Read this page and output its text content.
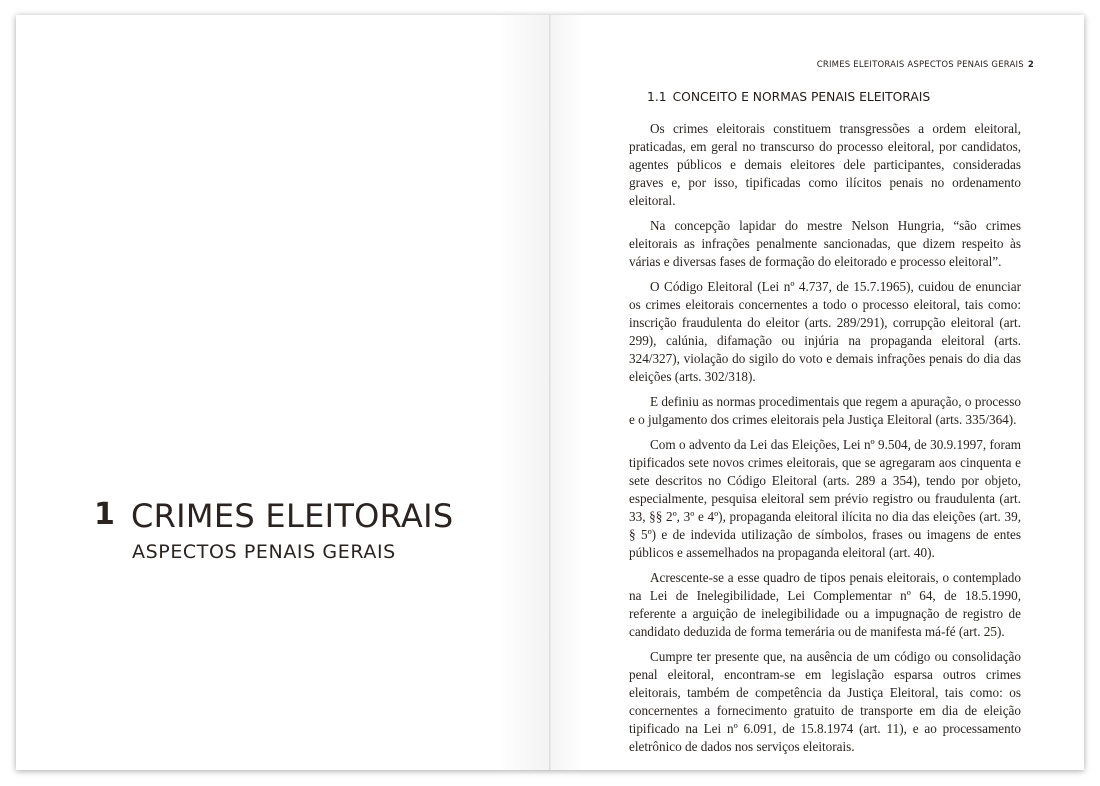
1 CRIMES ELEITORAIS
ASPECTOS PENAIS GERAIS
CRIMES ELEITORAIS ASPECTOS PENAIS GERAIS 2
1.1 CONCEITO E NORMAS PENAIS ELEITORAIS

Os crimes eleitorais constituem transgressões a ordem eleitoral, praticadas, em geral no transcurso do processo eleitoral, por candidatos, agentes públicos e demais eleitores dele participantes, consideradas graves e, por isso, tipificadas como ilícitos penais no ordenamento eleitoral.

Na concepção lapidar do mestre Nelson Hungria, “são crimes eleitorais as infrações penalmente sancionadas, que dizem respeito às várias e diversas fases de formação do eleitorado e processo eleitoral”.

O Código Eleitoral (Lei nº 4.737, de 15.7.1965), cuidou de enunciar os crimes eleitorais concernentes a todo o processo eleitoral, tais como: inscrição fraudulenta do eleitor (arts. 289/291), corrupção eleitoral (art. 299), calúnia, difamação ou injúria na propaganda eleitoral (arts. 324/327), violação do sigilo do voto e demais infrações penais do dia das eleições (arts. 302/318).

E definiu as normas procedimentais que regem a apuração, o processo e o julgamento dos crimes eleitorais pela Justiça Eleitoral (arts. 335/364).

Com o advento da Lei das Eleições, Lei nº 9.504, de 30.9.1997, foram tipificados sete novos crimes eleitorais, que se agregaram aos cinquenta e sete descritos no Código Eleitoral (arts. 289 a 354), tendo por objeto, especialmente, pesquisa eleitoral sem prévio registro ou fraudulenta (art. 33, §§ 2º, 3º e 4º), propaganda eleitoral ilícita no dia das eleições (art. 39, § 5º) e de indevida utilização de símbolos, frases ou imagens de entes públicos e assemelhados na propaganda eleitoral (art. 40).

Acrescente-se a esse quadro de tipos penais eleitorais, o contemplado na Lei de Inelegibilidade, Lei Complementar nº 64, de 18.5.1990, referente a arguição de inelegibilidade ou a impugnação de registro de candidato deduzida de forma temerária ou de manifesta má-fé (art. 25).

Cumpre ter presente que, na ausência de um código ou consolidação penal eleitoral, encontram-se em legislação esparsa outros crimes eleitorais, também de competência da Justiça Eleitoral, tais como: os concernentes a fornecimento gratuito de transporte em dia de eleição tipificado na Lei nº 6.091, de 15.8.1974 (art. 11), e ao processamento eletrônico de dados nos serviços eleitorais.
